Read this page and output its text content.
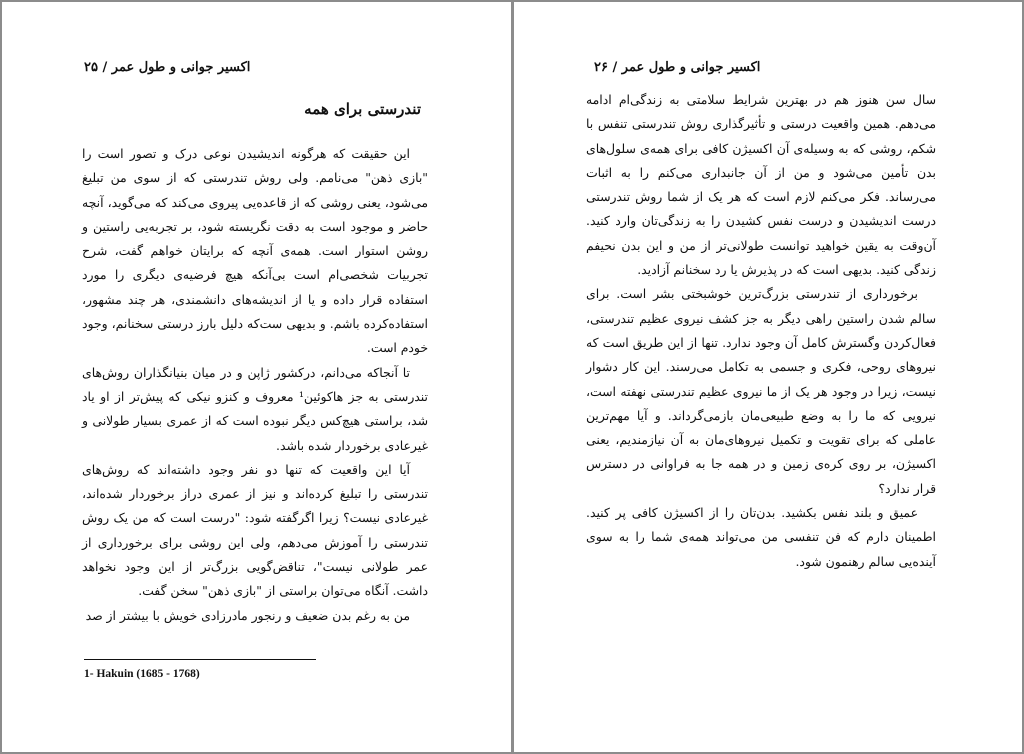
اکسیر جوانی و طول عمر / ۲۵
تندرستی برای همه

این حقیقت که هرگونه اندیشیدن نوعی درک و تصور است را "بازی ذهن" می‌نامم. ولی روش تندرستی که از سوی من تبلیغ می‌شود، یعنی روشی که از قاعده‌یی پیروی می‌کند که می‌گوید، آنچه حاضر و موجود است به دقت نگریسته شود، بر تجربه‌یی راستین و روشن استوار است. همه‌ی آنچه که برایتان خواهم گفت، شرح تجربیات شخصی‌ام است بی‌آنکه هیچ فرضیه‌ی دیگری را مورد استفاده قرار داده و یا از اندیشه‌های دانشمندی، هر چند مشهور، استفاده‌کرده باشم. و بدیهی ست‌که دلیل بارز درستی سخنانم، وجود خودم است.

تا آنجاکه می‌دانم، درکشور ژاپن و در میان بنیانگذاران روش‌های تندرستی به جز هاکوئین¹ معروف و کنزو نیکی که پیش‌تر از او یاد شد، براستی هیچ‌کس دیگر نبوده است که از عمری بسیار طولانی و غیرعادی برخوردار شده باشد.

آیا این واقعیت که تنها دو نفر وجود داشته‌اند که روش‌های تندرستی را تبلیغ کرده‌اند و نیز از عمری دراز برخوردار شده‌اند، غیرعادی نیست؟ زیرا اگرگفته شود: "درست است که من یک روش تندرستی را آموزش می‌دهم، ولی این روشی برای برخورداری از عمر طولانی نیست"، تناقض‌گویی بزرگ‌تر از این وجود نخواهد داشت. آنگاه می‌توان براستی از "بازی ذهن" سخن گفت.

من به رغم بدن ضعیف و رنجور مادرزادی خویش با بیشتر از صد

1- Hakuin (1685 - 1768)
۲۶ / اکسیر جوانی و طول عمر

سال سن هنوز هم در بهترین شرایط سلامتی به زندگی‌ام ادامه می‌دهم. همین واقعیت درستی و تأثیرگذاری روش تندرستی تنفس با شکم، روشی که به وسیله‌ی آن اکسیژن کافی برای همه‌ی سلول‌های بدن تأمین می‌شود و من از آن جانبداری می‌کنم را به اثبات می‌رساند. فکر می‌کنم لازم است که هر یک از شما روش تندرستی درست اندیشیدن و درست نفس کشیدن را به زندگی‌تان وارد کنید. آن‌وقت به یقین خواهید توانست طولانی‌تر از من و این بدن نحیفم زندگی کنید. بدیهی است که در پذیرش یا رد سخنانم آزادید.

برخورداری از تندرستی بزرگ‌ترین خوشبختی بشر است. برای سالم شدن راستین راهی دیگر به جز کشف نیروی عظیم تندرستی، فعال‌کردن وگسترش کامل آن وجود ندارد. تنها از این طریق است که نیروهای روحی، فکری و جسمی به تکامل می‌رسند. این کار دشوار نیست، زیرا در وجود هر یک از ما نیروی عظیم تندرستی نهفته است، نیرویی که ما را به وضع طبیعی‌مان بازمی‌گرداند. و آیا مهم‌ترین عاملی که برای تقویت و تکمیل نیروهای‌مان به آن نیازمندیم، یعنی اکسیژن، بر روی کره‌ی زمین و در همه جا به فراوانی در دسترس قرار ندارد؟

عمیق و بلند نفس بکشید. بدن‌تان را از اکسیژن کافی پر کنید. اطمینان دارم که فن تنفسی من می‌تواند همه‌ی شما را به سوی آینده‌یی سالم رهنمون شود.
